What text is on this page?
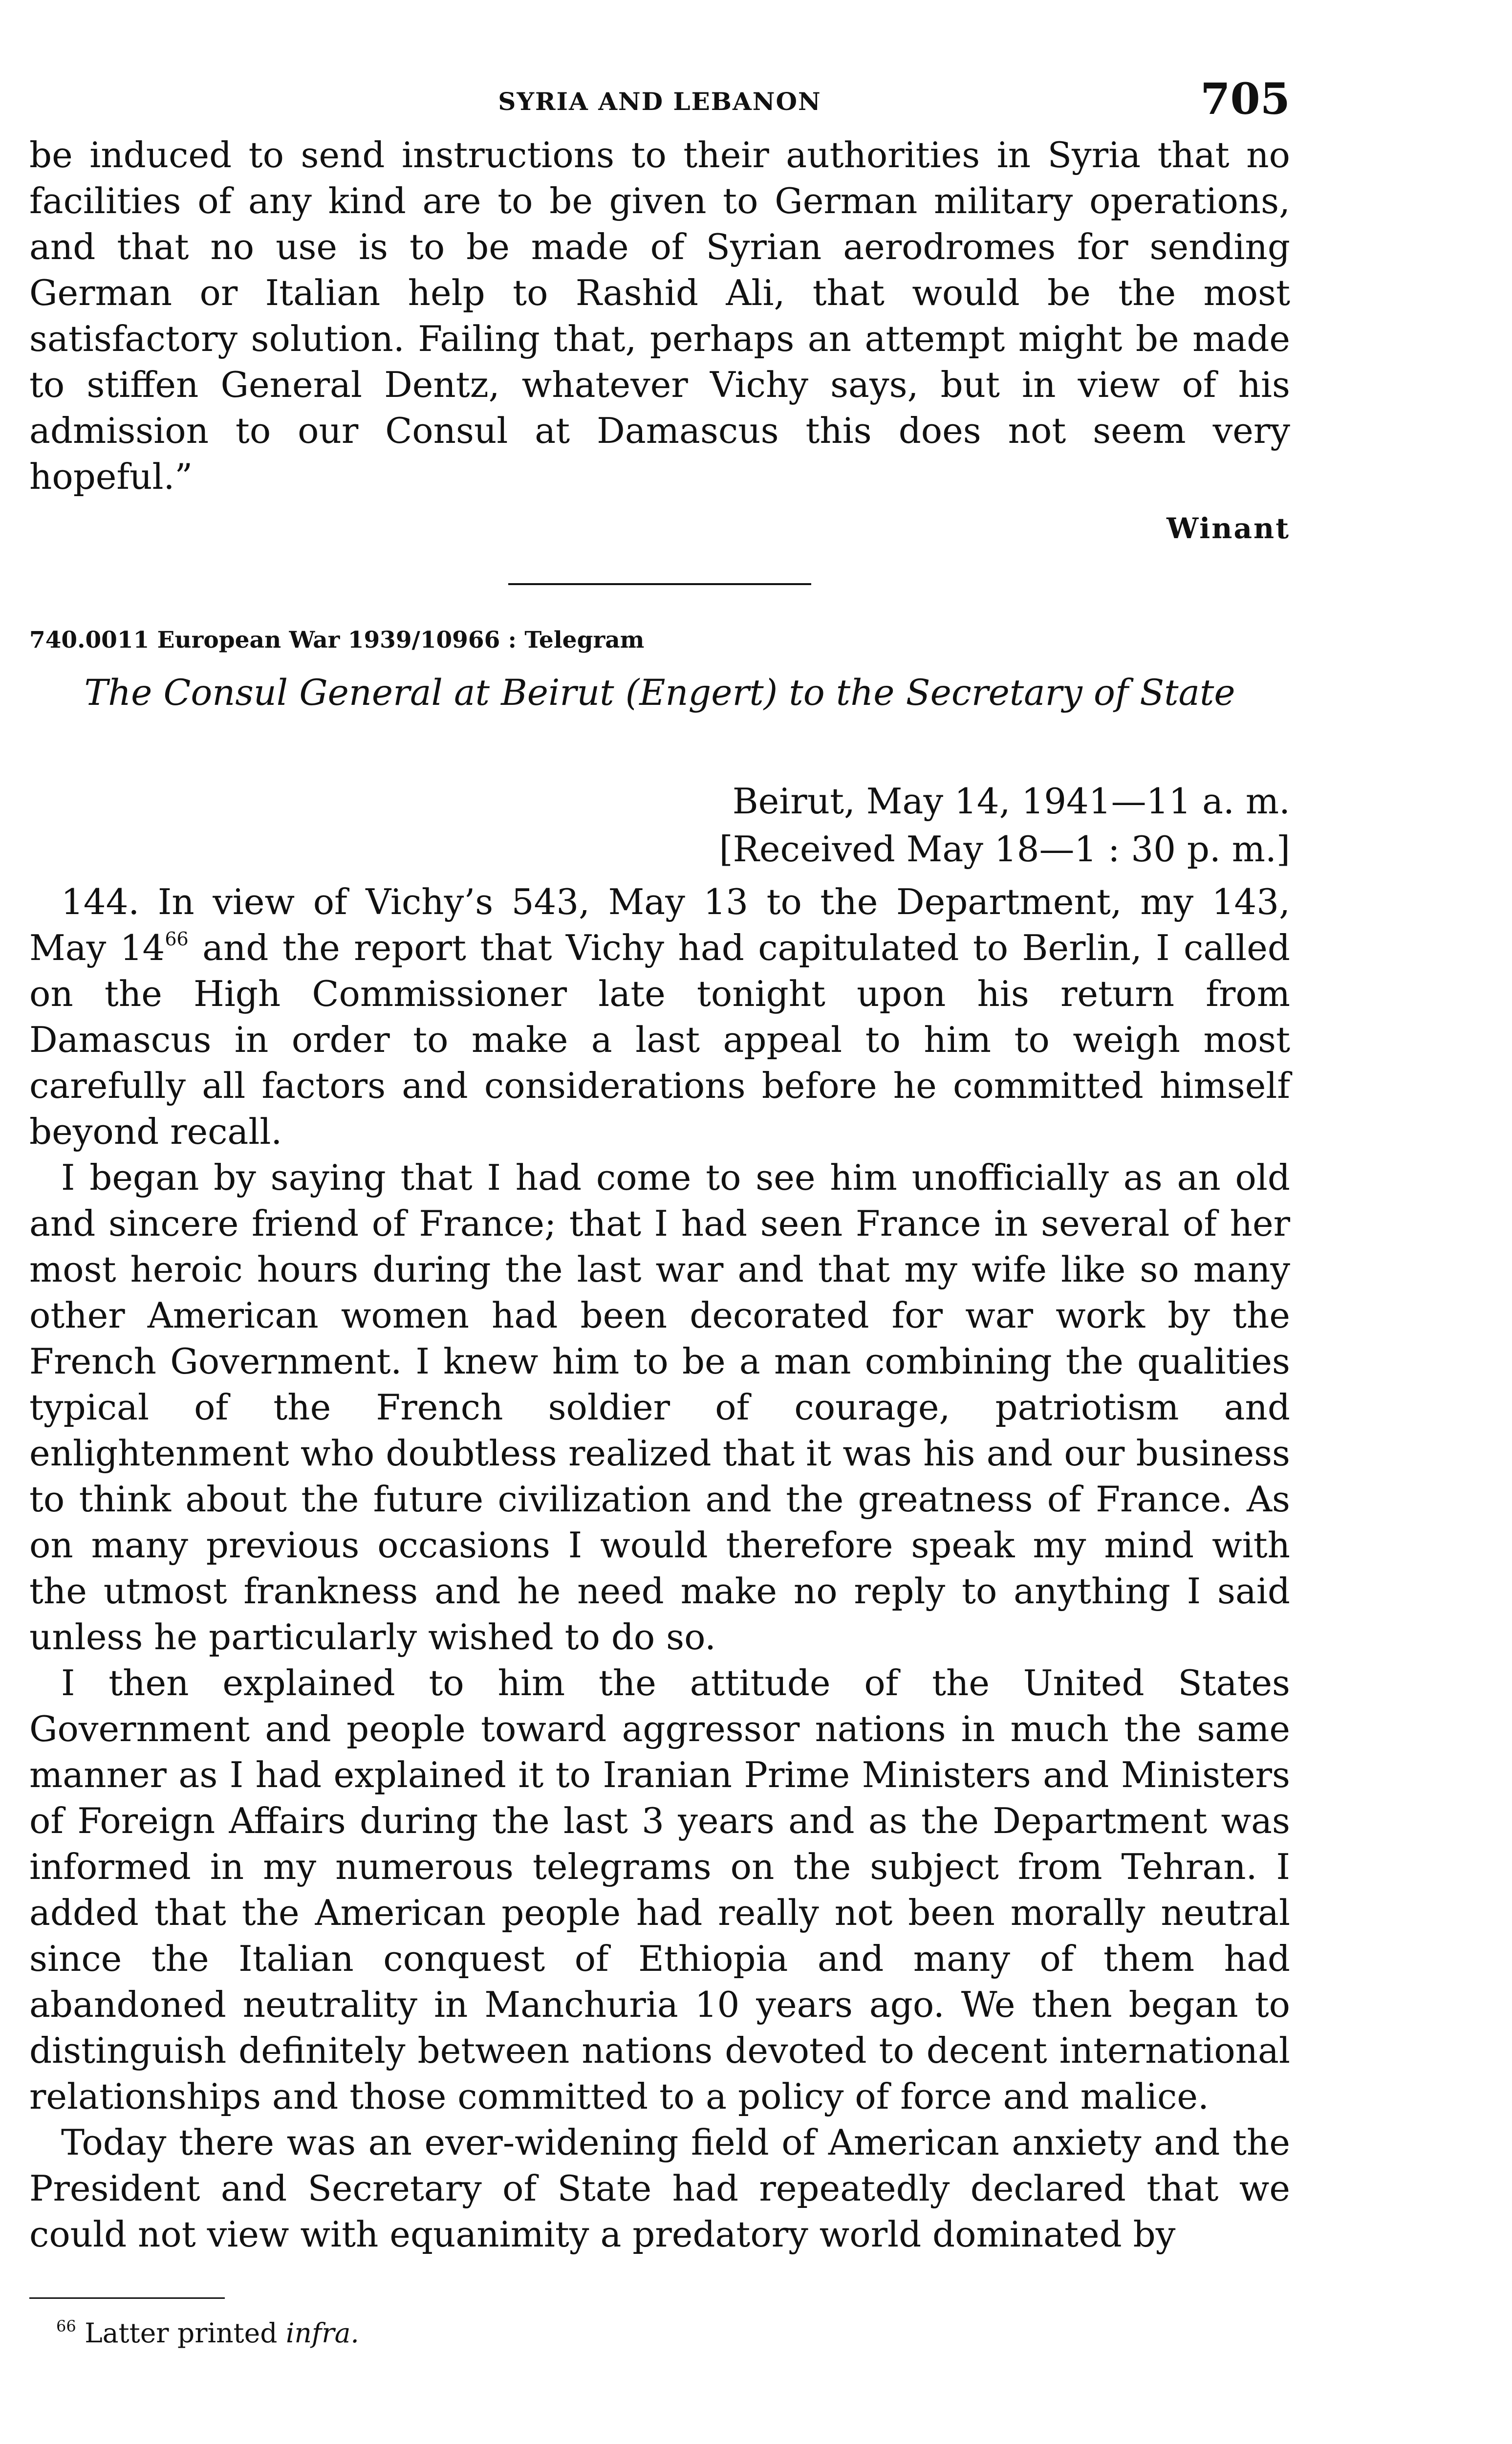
SYRIA AND LEBANON	705

be induced to send instructions to their authorities in Syria that no facilities of any kind are to be given to German military operations, and that no use is to be made of Syrian aerodromes for sending German or Italian help to Rashid Ali, that would be the most satisfactory solution. Failing that, perhaps an attempt might be made to stiffen General Dentz, whatever Vichy says, but in view of his admission to our Consul at Damascus this does not seem very hopeful.”

Winant
740.0011 European War 1939/10966 : Telegram
The Consul General at Beirut (Engert) to the Secretary of State
Beirut, May 14, 1941—11 a. m.
[Received May 18—1 : 30 p. m.]

144. In view of Vichy’s 543, May 13 to the Department, my 143, May $14^{66}$ and the report that Vichy had capitulated to Berlin, I called on the High Commissioner late tonight upon his return from Damascus in order to make a last appeal to him to weigh most carefully all factors and considerations before he committed himself beyond recall.

I began by saying that I had come to see him unofficially as an old and sincere friend of France; that I had seen France in several of her most heroic hours during the last war and that my wife like so many other American women had been decorated for war work by the French Government. I knew him to be a man combining the qualities typical of the French soldier of courage, patriotism and enlightenment who doubtless realized that it was his and our business to think about the future civilization and the greatness of France. As on many previous occasions I would therefore speak my mind with the utmost frankness and he need make no reply to anything I said unless he particularly wished to do so.

I then explained to him the attitude of the United States Government and people toward aggressor nations in much the same manner as I had explained it to Iranian Prime Ministers and Ministers of Foreign Affairs during the last 3 years and as the Department was informed in my numerous telegrams on the subject from Tehran. I added that the American people had really not been morally neutral since the Italian conquest of Ethiopia and many of them had abandoned neutrality in Manchuria 10 years ago. We then began to distinguish definitely between nations devoted to decent international relationships and those committed to a policy of force and malice.

Today there was an ever-widening field of American anxiety and the President and Secretary of State had repeatedly declared that we could not view with equanimity a predatory world dominated by

$^{66}$ Latter printed infra.
